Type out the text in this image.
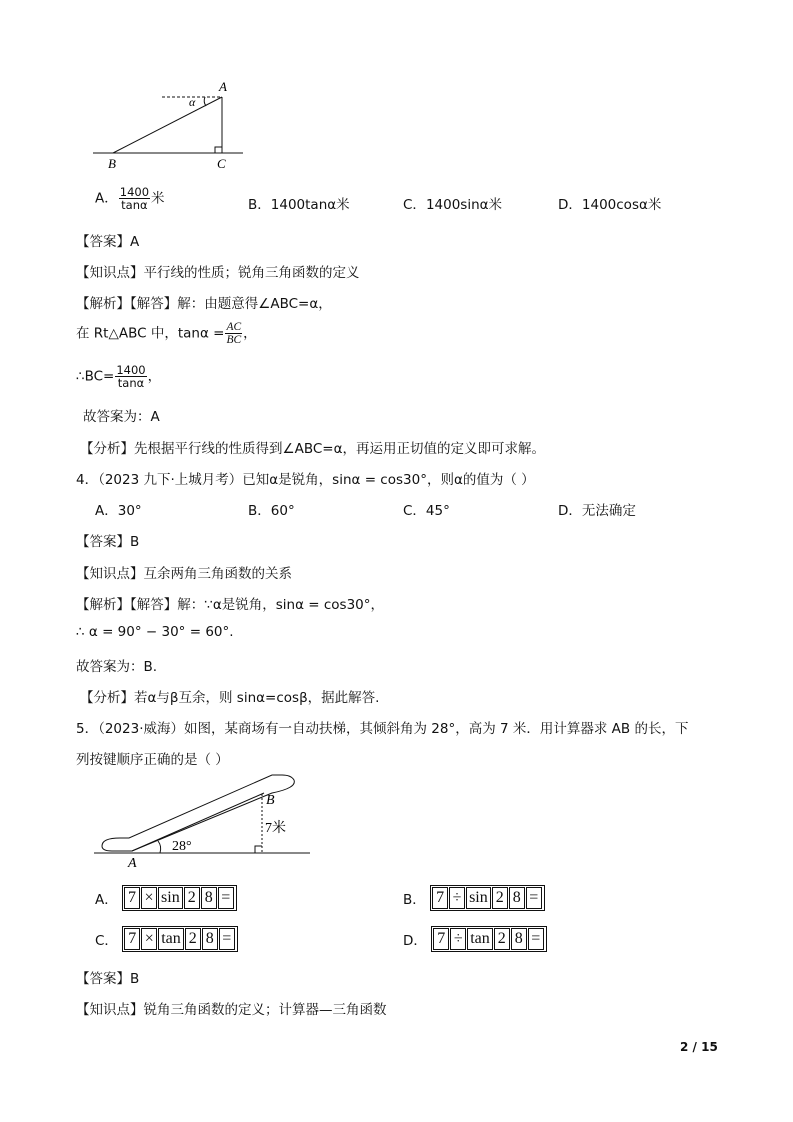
A
B	C
α
A． $\frac{1400}{\tan\alpha}$ 米	B．1400tanα米	C．1400sinα米	D．1400cosα米
【答案】A
【知识点】平行线的性质；锐角三角函数的定义
【解析】【解答】解：由题意得∠ABC=α，
在 Rt△ABC 中，$\tan\alpha = \frac{AC}{BC}$ ，
∴BC= $\frac{1400}{\tan\alpha}$ ，
故答案为：A
【分析】先根据平行线的性质得到∠ABC=α，再运用正切值的定义即可求解。
4．（2023 九下·上城月考）已知α是锐角，sinα = cos30°，则α的值为（ ）
A．30°	B．60°	C．45°	D．无法确定
【答案】B
【知识点】互余两角三角函数的关系
【解析】【解答】解：∵α是锐角，sinα = cos30°，
∴ α = 90° − 30° = 60°.
故答案为：B.
【分析】若α与β互余，则 sinα=cosβ，据此解答.
5．（2023·威海）如图，某商场有一自动扶梯，其倾斜角为 28°，高为 7 米．用计算器求 AB 的长，下
列按键顺序正确的是（ ）
A
B
28°
7米
A． 7 × sin 2 8 =	B． 7 ÷ sin 2 8 =
C． 7 × tan 2 8 =	D． 7 ÷ tan 2 8 =
【答案】B
【知识点】锐角三角函数的定义；计算器—三角函数
2 / 15
